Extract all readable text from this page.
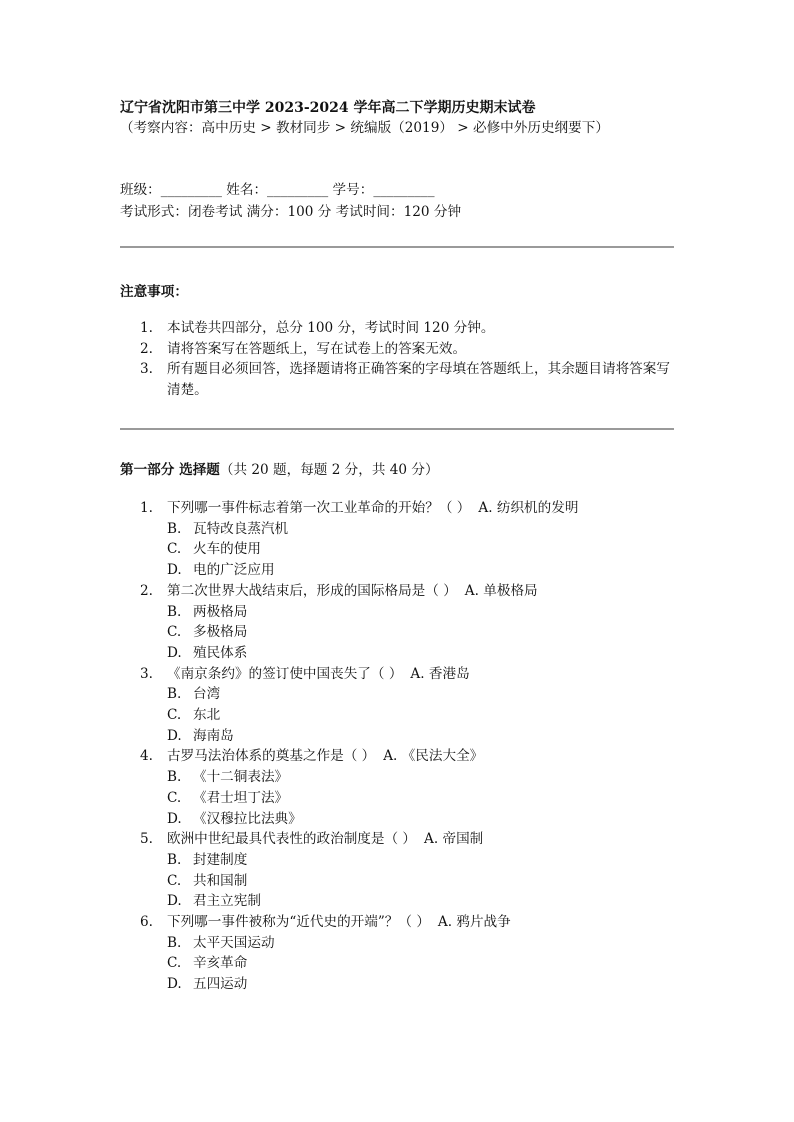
辽宁省沈阳市第三中学 2023-2024 学年高二下学期历史期末试卷
（考察内容：高中历史 > 教材同步 > 统编版（2019） > 必修中外历史纲要下）
班级：_________ 姓名：_________ 学号：_________
考试形式：闭卷考试 满分：100 分 考试时间：120 分钟
注意事项：
1. 本试卷共四部分，总分 100 分，考试时间 120 分钟。
2. 请将答案写在答题纸上，写在试卷上的答案无效。
3. 所有题目必须回答，选择题请将正确答案的字母填在答题纸上，其余题目请将答案写清楚。
第一部分 选择题（共 20 题，每题 2 分，共 40 分）
1. 下列哪一事件标志着第一次工业革命的开始？（ ） A. 纺织机的发明
B. 瓦特改良蒸汽机
C. 火车的使用
D. 电的广泛应用
2. 第二次世界大战结束后，形成的国际格局是（ ） A. 单极格局
B. 两极格局
C. 多极格局
D. 殖民体系
3. 《南京条约》的签订使中国丧失了（ ） A. 香港岛
B. 台湾
C. 东北
D. 海南岛
4. 古罗马法治体系的奠基之作是（ ） A. 《民法大全》
B. 《十二铜表法》
C. 《君士坦丁法》
D. 《汉穆拉比法典》
5. 欧洲中世纪最具代表性的政治制度是（ ） A. 帝国制
B. 封建制度
C. 共和国制
D. 君主立宪制
6. 下列哪一事件被称为“近代史的开端”？（ ） A. 鸦片战争
B. 太平天国运动
C. 辛亥革命
D. 五四运动
